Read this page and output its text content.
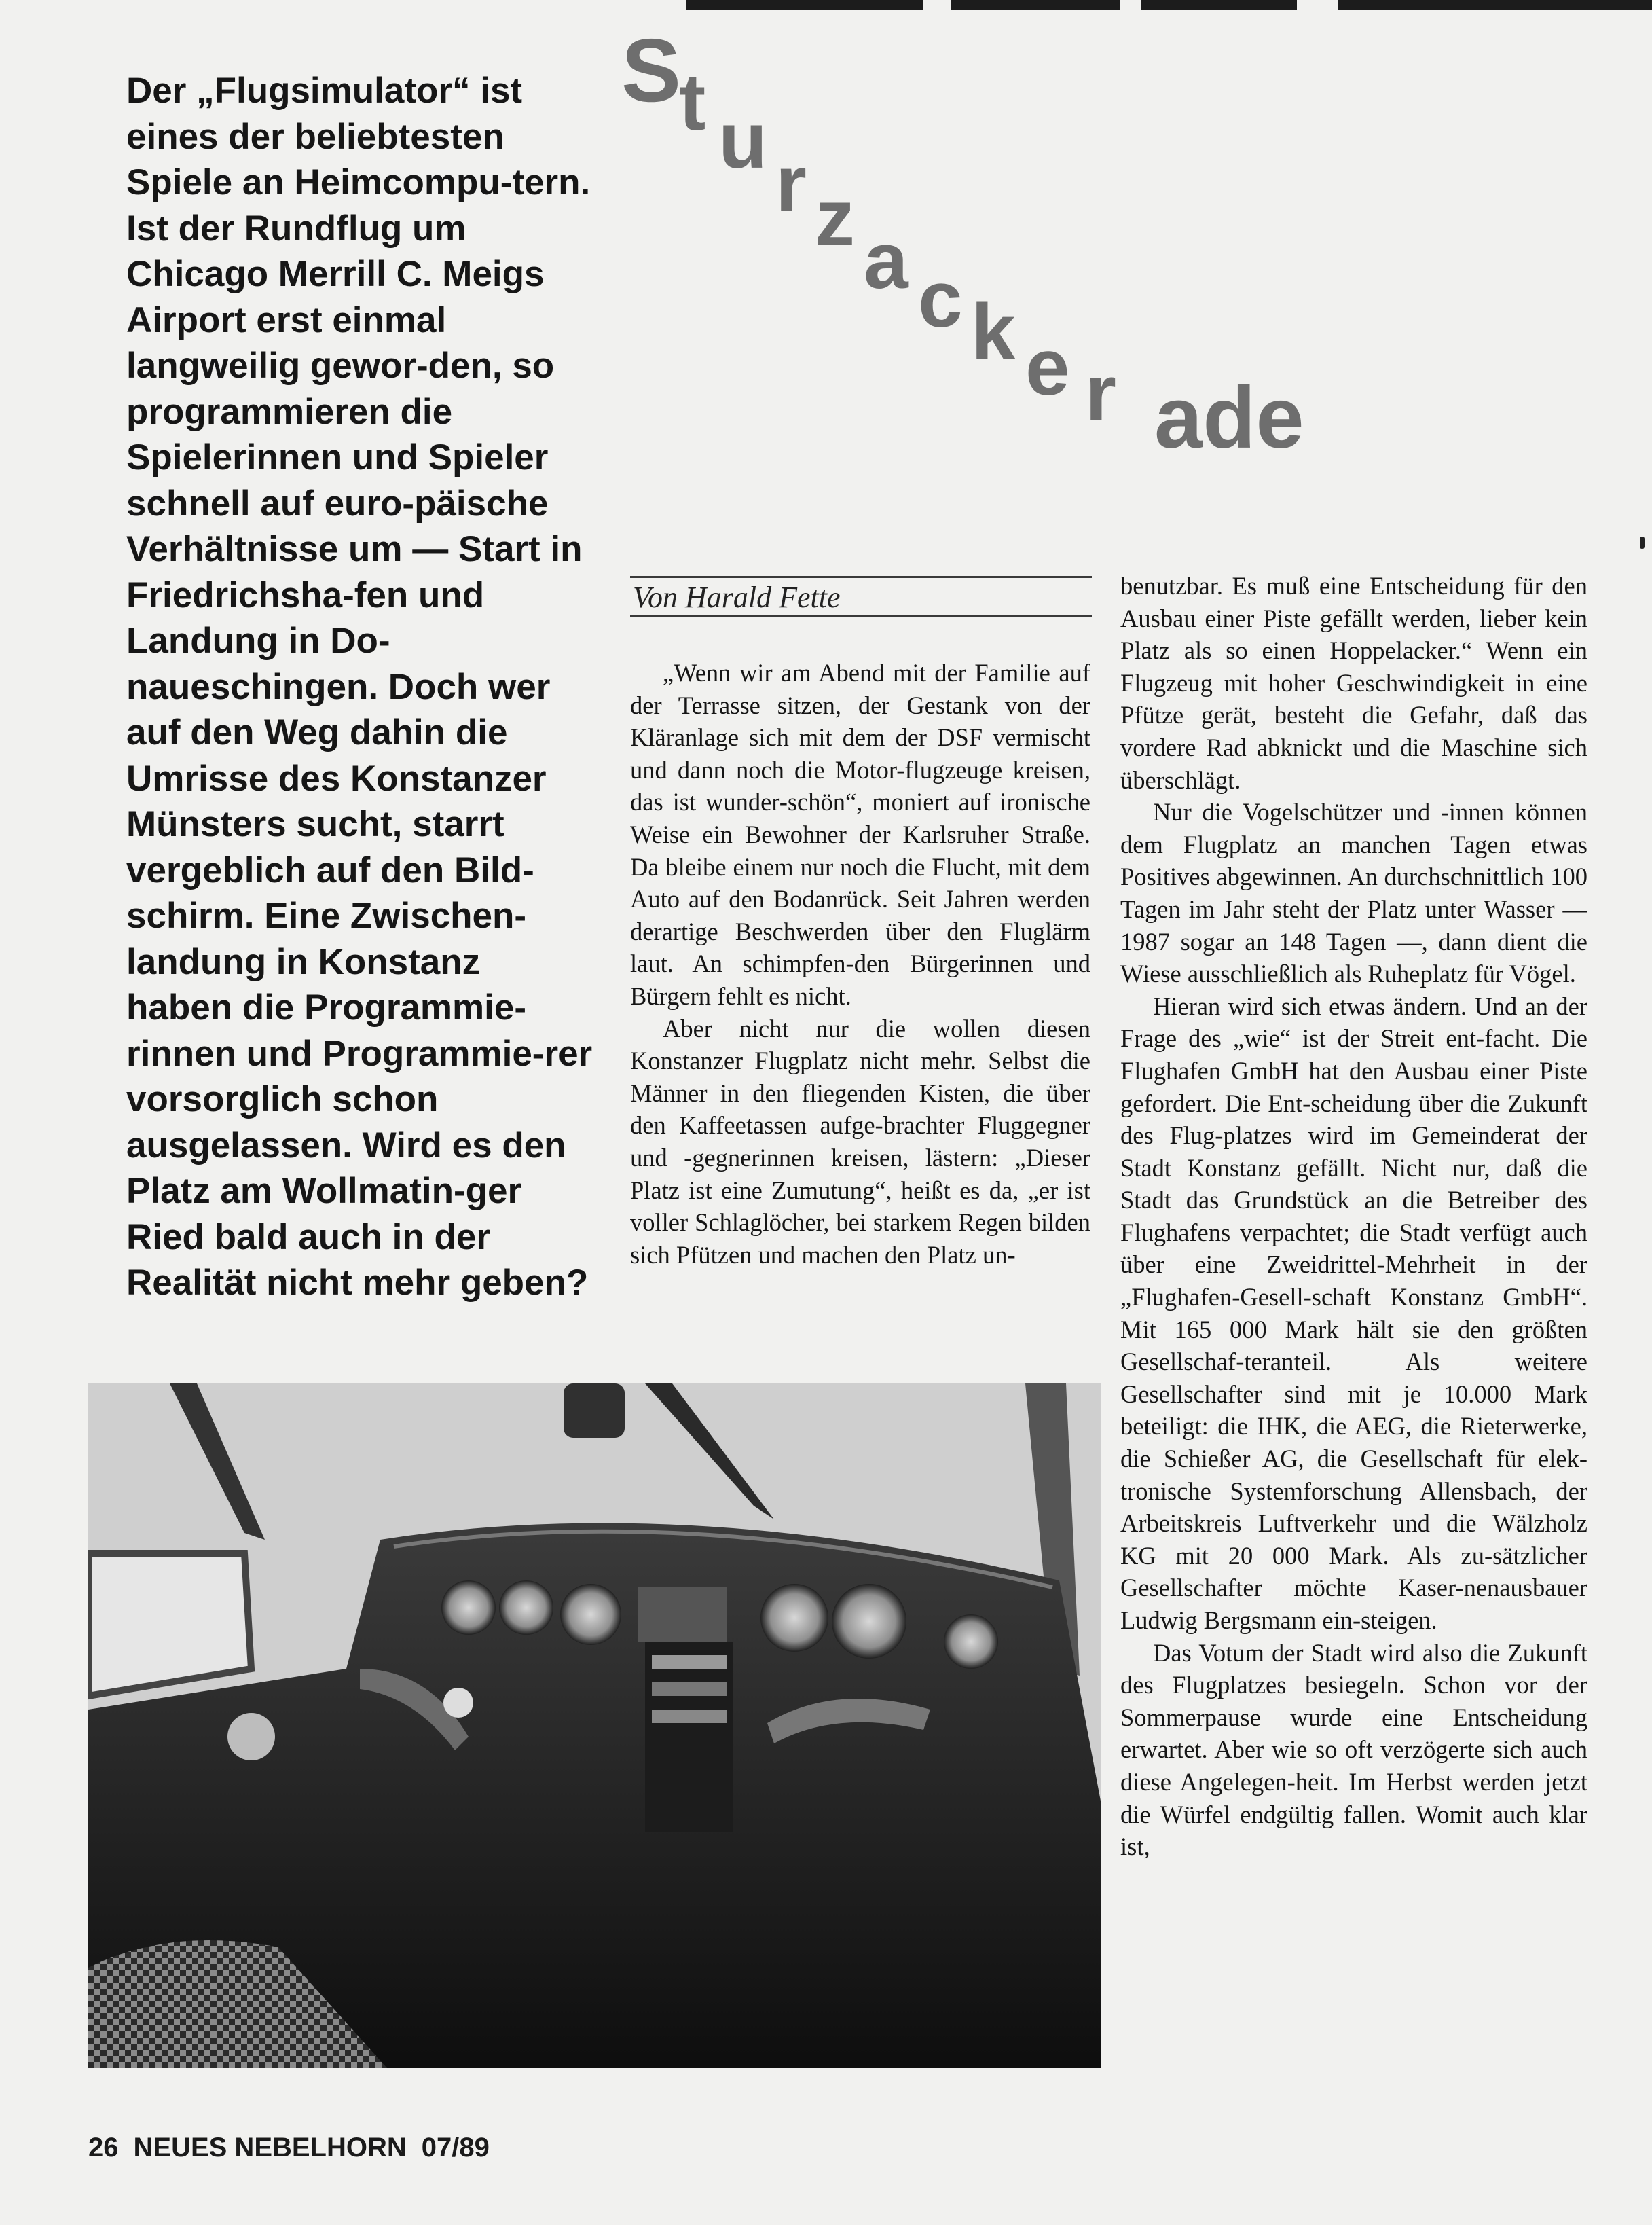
S
t u r z a c k e r ade
Der „Flugsimulator“ ist eines der beliebtesten Spiele an Heimcompu-tern. Ist der Rundflug um Chicago Merrill C. Meigs Airport erst einmal langweilig gewor-den, so programmieren die Spielerinnen und Spieler schnell auf euro-päische Verhältnisse um — Start in Friedrichsha-fen und Landung in Do-naueschingen. Doch wer auf den Weg dahin die Umrisse des Konstanzer Münsters sucht, starrt vergeblich auf den Bild-schirm. Eine Zwischen-landung in Konstanz haben die Programmie-rinnen und Programmie-rer vorsorglich schon ausgelassen. Wird es den Platz am Wollmatin-ger Ried bald auch in der Realität nicht mehr geben?
Von Harald Fette

„Wenn wir am Abend mit der Familie auf der Terrasse sitzen, der Gestank von der Kläranlage sich mit dem der DSF vermischt und dann noch die Motor-flugzeuge kreisen, das ist wunder-schön“, moniert auf ironische Weise ein Bewohner der Karlsruher Straße. Da bleibe einem nur noch die Flucht, mit dem Auto auf den Bodanrück. Seit Jahren werden derartige Beschwerden über den Fluglärm laut. An schimpfen-den Bürgerinnen und Bürgern fehlt es nicht.

Aber nicht nur die wollen diesen Konstanzer Flugplatz nicht mehr. Selbst die Männer in den fliegenden Kisten, die über den Kaffeetassen aufge-brachter Fluggegner und -gegnerinnen kreisen, lästern: „Dieser Platz ist eine Zumutung“, heißt es da, „er ist voller Schlaglöcher, bei starkem Regen bilden sich Pfützen und machen den Platz un-

benutzbar. Es muß eine Entscheidung für den Ausbau einer Piste gefällt werden, lieber kein Platz als so einen Hoppelacker.“ Wenn ein Flugzeug mit hoher Geschwindigkeit in eine Pfütze gerät, besteht die Gefahr, daß das vordere Rad abknickt und die Maschine sich überschlägt.

Nur die Vogelschützer und -innen können dem Flugplatz an manchen Tagen etwas Positives abgewinnen. An durchschnittlich 100 Tagen im Jahr steht der Platz unter Wasser — 1987 sogar an 148 Tagen —, dann dient die Wiese ausschließlich als Ruheplatz für Vögel.

Hieran wird sich etwas ändern. Und an der Frage des „wie“ ist der Streit ent-facht. Die Flughafen GmbH hat den Ausbau einer Piste gefordert. Die Ent-scheidung über die Zukunft des Flug-platzes wird im Gemeinderat der Stadt Konstanz gefällt. Nicht nur, daß die Stadt das Grundstück an die Betreiber des Flughafens verpachtet; die Stadt verfügt auch über eine Zweidrittel-Mehrheit in der „Flughafen-Gesell-schaft Konstanz GmbH“. Mit 165 000 Mark hält sie den größten Gesellschaf-teranteil. Als weitere Gesellschafter sind mit je 10.000 Mark beteiligt: die IHK, die AEG, die Rieterwerke, die Schießer AG, die Gesellschaft für elek-tronische Systemforschung Allensbach, der Arbeitskreis Luftverkehr und die Wälzholz KG mit 20 000 Mark. Als zu-sätzlicher Gesellschafter möchte Kaser-nenausbauer Ludwig Bergsmann ein-steigen.

Das Votum der Stadt wird also die Zukunft des Flugplatzes besiegeln. Schon vor der Sommerpause wurde eine Entscheidung erwartet. Aber wie so oft verzögerte sich auch diese Angelegen-heit. Im Herbst werden jetzt die Würfel endgültig fallen. Womit auch klar ist,

26 NEUES NEBELHORN 07/89
